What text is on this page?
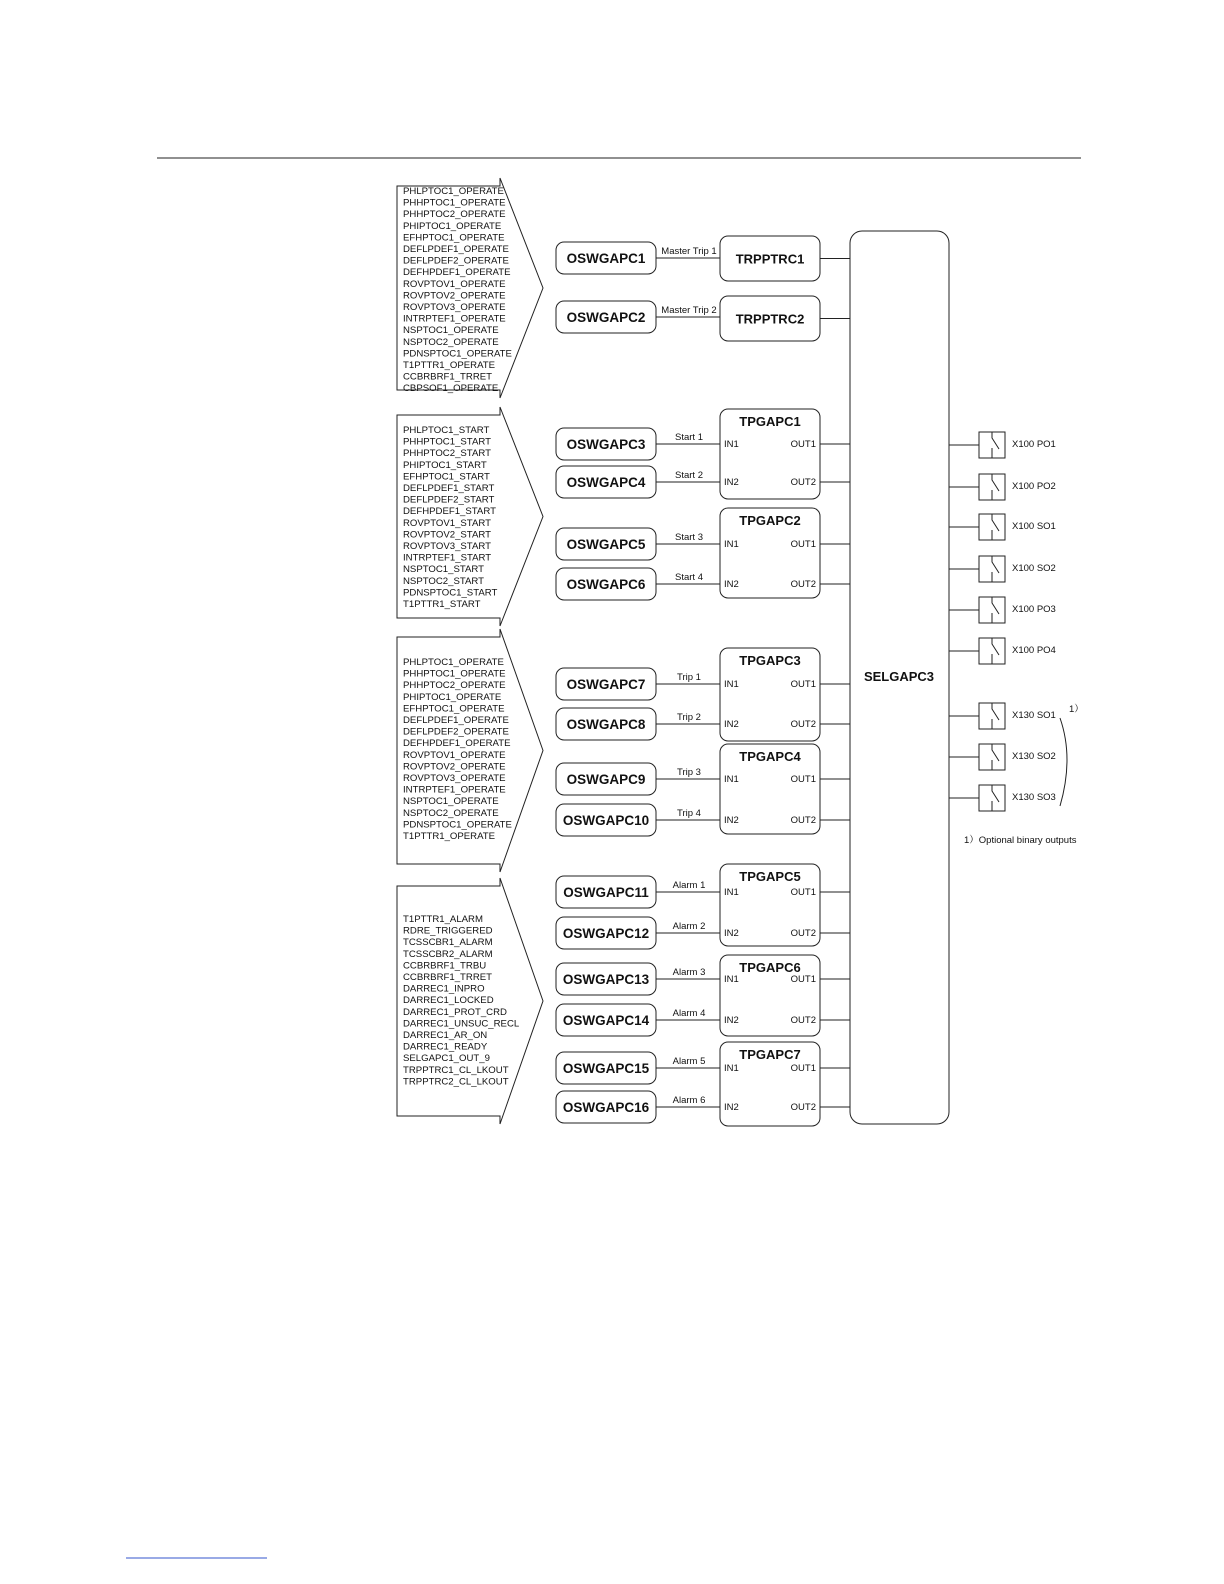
PHLPTOC1_OPERATE
PHHPTOC1_OPERATE
PHHPTOC2_OPERATE
PHIPTOC1_OPERATE
EFHPTOC1_OPERATE
DEFLPDEF1_OPERATE
DEFLPDEF2_OPERATE
DEFHPDEF1_OPERATE
ROVPTOV1_OPERATE
ROVPTOV2_OPERATE
ROVPTOV3_OPERATE
INTRPTEF1_OPERATE
NSPTOC1_OPERATE
NSPTOC2_OPERATE
PDNSPTOC1_OPERATE
T1PTTR1_OPERATE
CCBRBRF1_TRRET
CBPSOF1_OPERATE
PHLPTOC1_START
PHHPTOC1_START
PHHPTOC2_START
PHIPTOC1_START
EFHPTOC1_START
DEFLPDEF1_START
DEFLPDEF2_START
DEFHPDEF1_START
ROVPTOV1_START
ROVPTOV2_START
ROVPTOV3_START
INTRPTEF1_START
NSPTOC1_START
NSPTOC2_START
PDNSPTOC1_START
T1PTTR1_START
PHLPTOC1_OPERATE
PHHPTOC1_OPERATE
PHHPTOC2_OPERATE
PHIPTOC1_OPERATE
EFHPTOC1_OPERATE
DEFLPDEF1_OPERATE
DEFLPDEF2_OPERATE
DEFHPDEF1_OPERATE
ROVPTOV1_OPERATE
ROVPTOV2_OPERATE
ROVPTOV3_OPERATE
INTRPTEF1_OPERATE
NSPTOC1_OPERATE
NSPTOC2_OPERATE
PDNSPTOC1_OPERATE
T1PTTR1_OPERATE
T1PTTR1_ALARM
RDRE_TRIGGERED
TCSSCBR1_ALARM
TCSSCBR2_ALARM
CCBRBRF1_TRBU
CCBRBRF1_TRRET
DARREC1_INPRO
DARREC1_LOCKED
DARREC1_PROT_CRD
DARREC1_UNSUC_RECL
DARREC1_AR_ON
DARREC1_READY
SELGAPC1_OUT_9
TRPPTRC1_CL_LKOUT
TRPPTRC2_CL_LKOUT
Master Trip 1
Master Trip 2
Start 1
Start 2
Start 3
Start 4
Trip 1
Trip 2
Trip 3
Trip 4
Alarm 1
Alarm 2
Alarm 3
Alarm 4
Alarm 5
Alarm 6
OSWGAPC1
OSWGAPC2
OSWGAPC3
OSWGAPC4
OSWGAPC5
OSWGAPC6
OSWGAPC7
OSWGAPC8
OSWGAPC9
OSWGAPC10
OSWGAPC11
OSWGAPC12
OSWGAPC13
OSWGAPC14
OSWGAPC15
OSWGAPC16
TRPPTRC1
TRPPTRC2
TPGAPC1
IN1
IN2
OUT1
OUT2
TPGAPC2
IN1
IN2
OUT1
OUT2
TPGAPC3
IN1
IN2
OUT1
OUT2
TPGAPC4
IN1
IN2
OUT1
OUT2
TPGAPC5
IN1
IN2
OUT1
OUT2
TPGAPC6
IN1
IN2
OUT1
OUT2
TPGAPC7
IN1
IN2
OUT1
OUT2
X100 PO1
X100 PO2
X100 SO1
X100 SO2
X100 PO3
X100 PO4
X130 SO1
X130 SO2
X130 SO3
SELGAPC3
1）
1）Optional binary outputs
